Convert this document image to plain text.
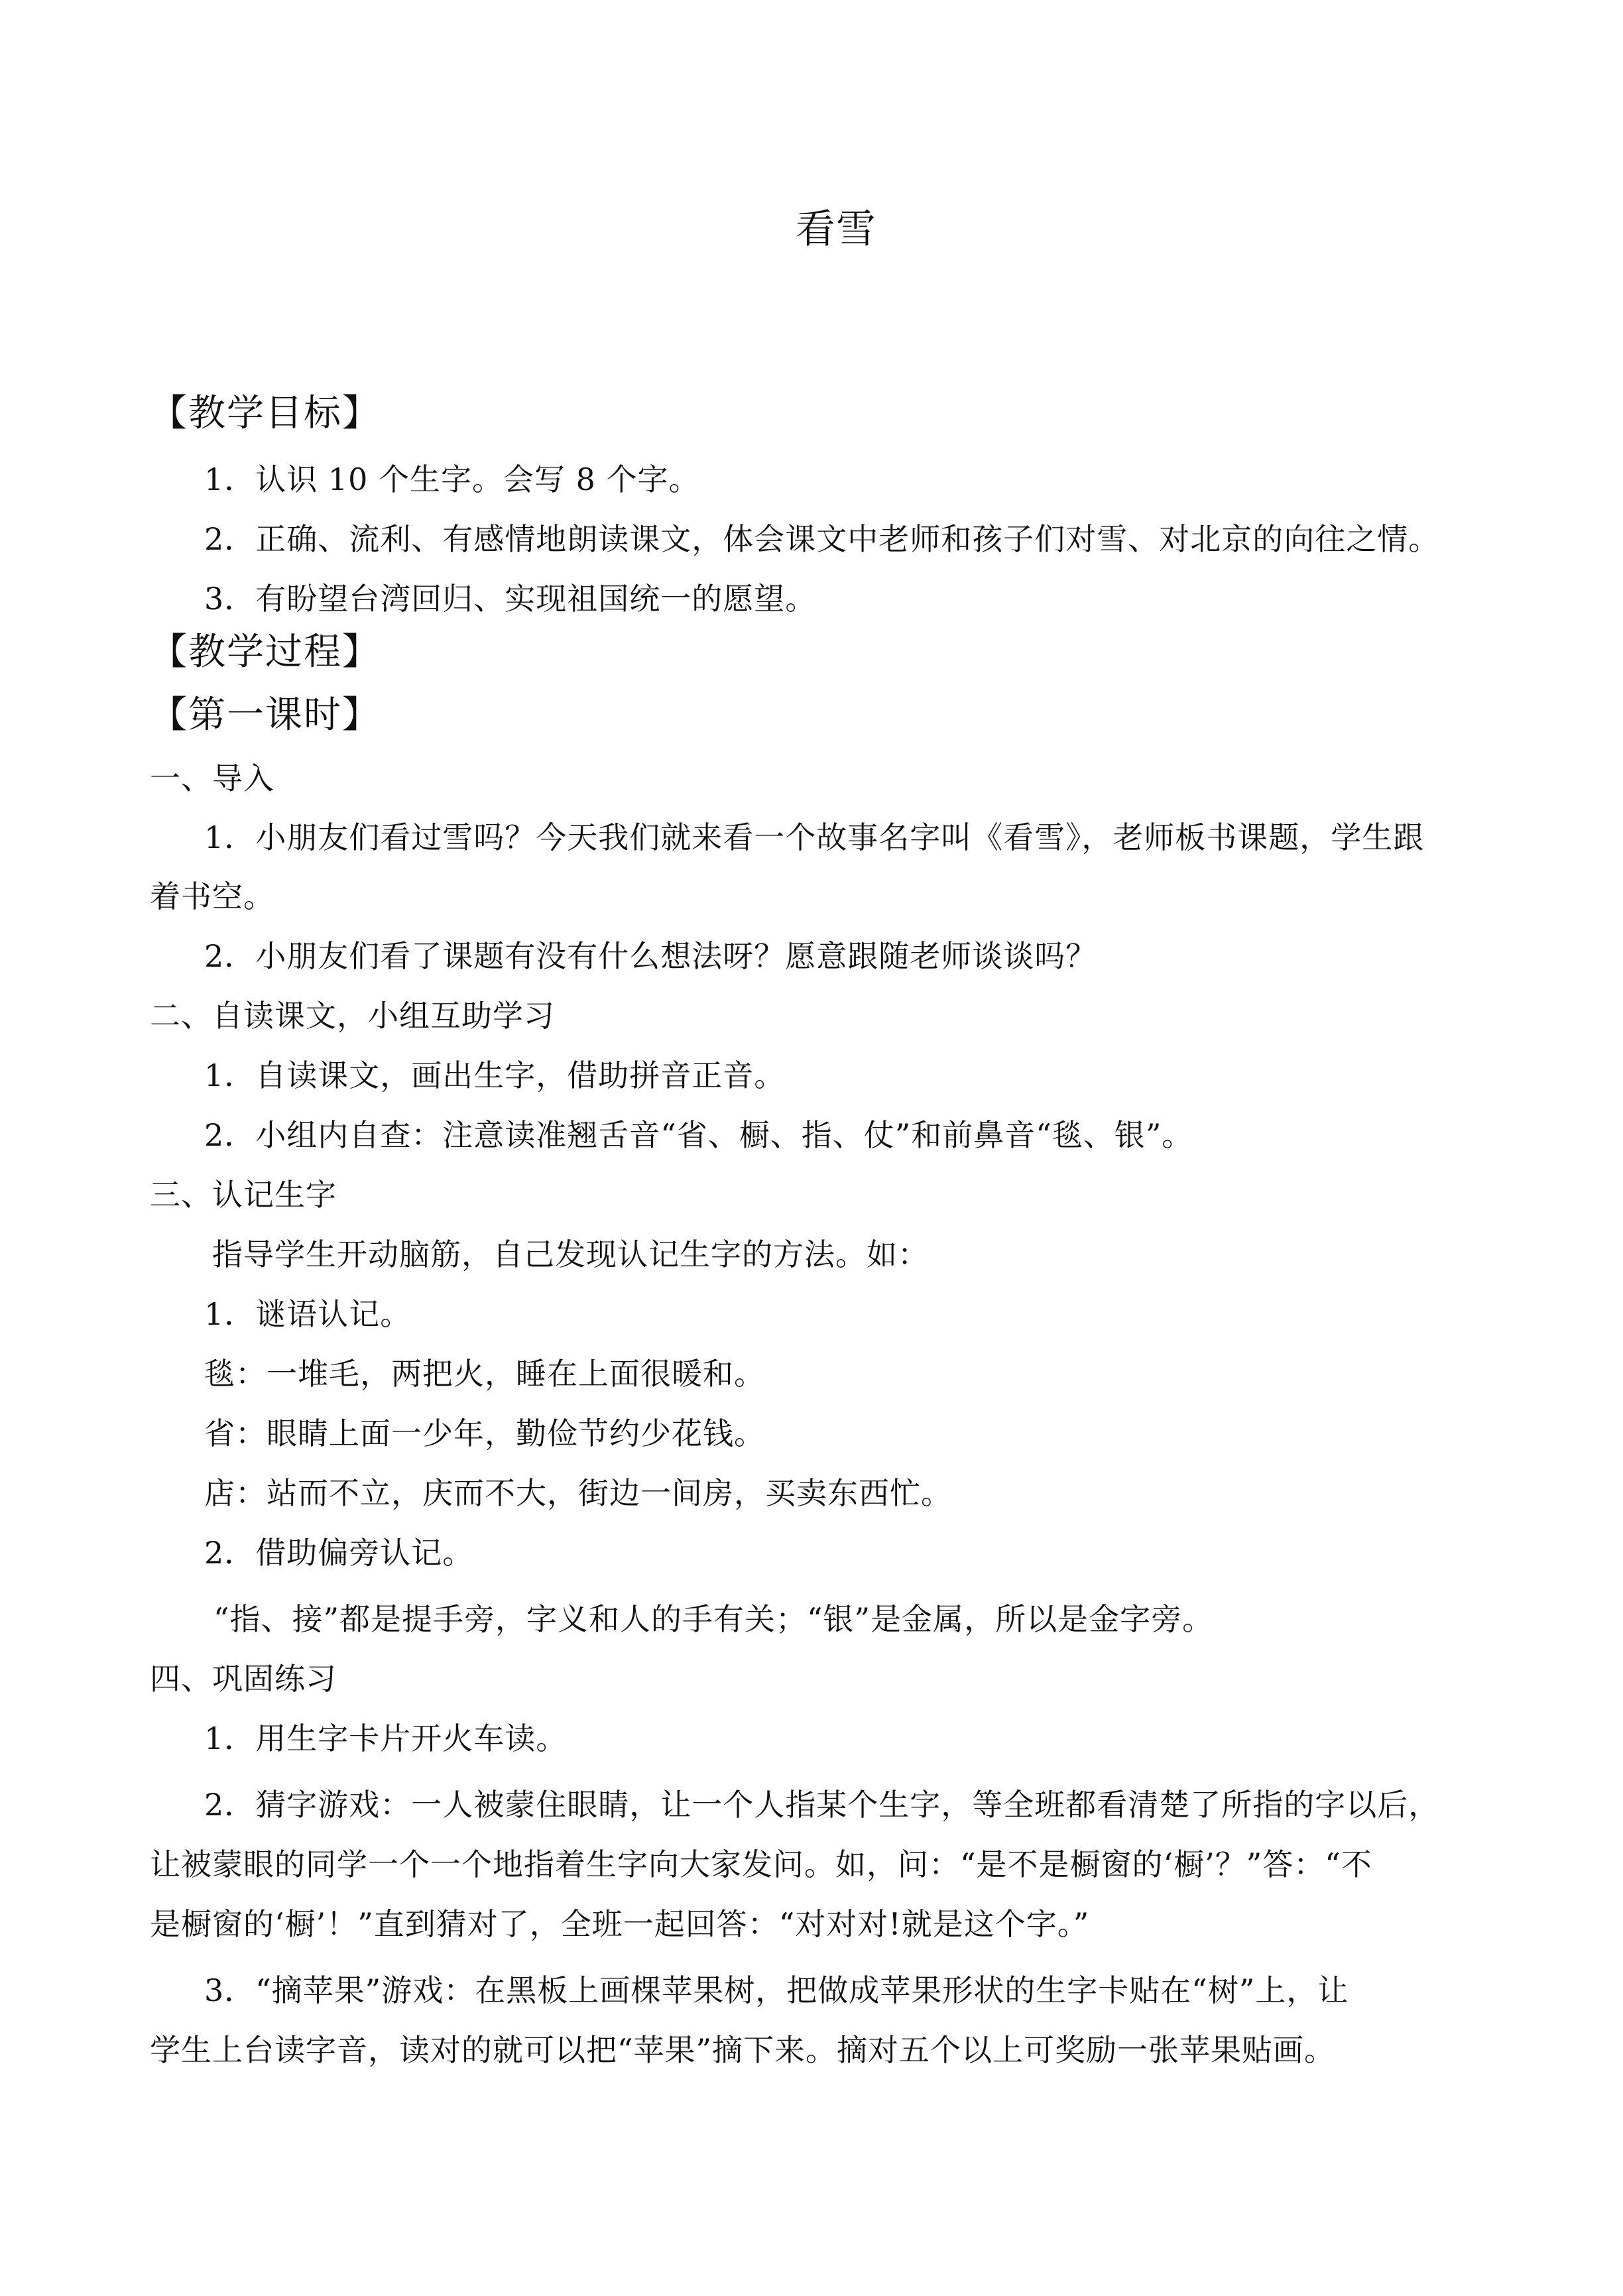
看雪
【教学目标】
1．认识 10 个生字。会写 8 个字。
2．正确、流利、有感情地朗读课文，体会课文中老师和孩子们对雪、对北京的向往之情。
3．有盼望台湾回归、实现祖国统一的愿望。
【教学过程】
【第一课时】
一、导入
1．小朋友们看过雪吗？今天我们就来看一个故事名字叫《看雪》，老师板书课题，学生跟
着书空。
2．小朋友们看了课题有没有什么想法呀？愿意跟随老师谈谈吗？
二、自读课文，小组互助学习
1．自读课文，画出生字，借助拼音正音。
2．小组内自查：注意读准翘舌音“省、橱、指、仗”和前鼻音“毯、银”。
三、认记生字
指导学生开动脑筋，自己发现认记生字的方法。如：
1．谜语认记。
毯：一堆毛，两把火，睡在上面很暖和。
省：眼睛上面一少年，勤俭节约少花钱。
店：站而不立，庆而不大，街边一间房，买卖东西忙。
2．借助偏旁认记。
“指、接”都是提手旁，字义和人的手有关；“银”是金属，所以是金字旁。
四、巩固练习
1．用生字卡片开火车读。
2．猜字游戏：一人被蒙住眼睛，让一个人指某个生字，等全班都看清楚了所指的字以后，
让被蒙眼的同学一个一个地指着生字向大家发问。如，问：“是不是橱窗的‘橱’？”答：“不
是橱窗的‘橱’！”直到猜对了，全班一起回答：“对对对!就是这个字。”
3．“摘苹果”游戏：在黑板上画棵苹果树，把做成苹果形状的生字卡贴在“树”上，让
学生上台读字音，读对的就可以把“苹果”摘下来。摘对五个以上可奖励一张苹果贴画。
